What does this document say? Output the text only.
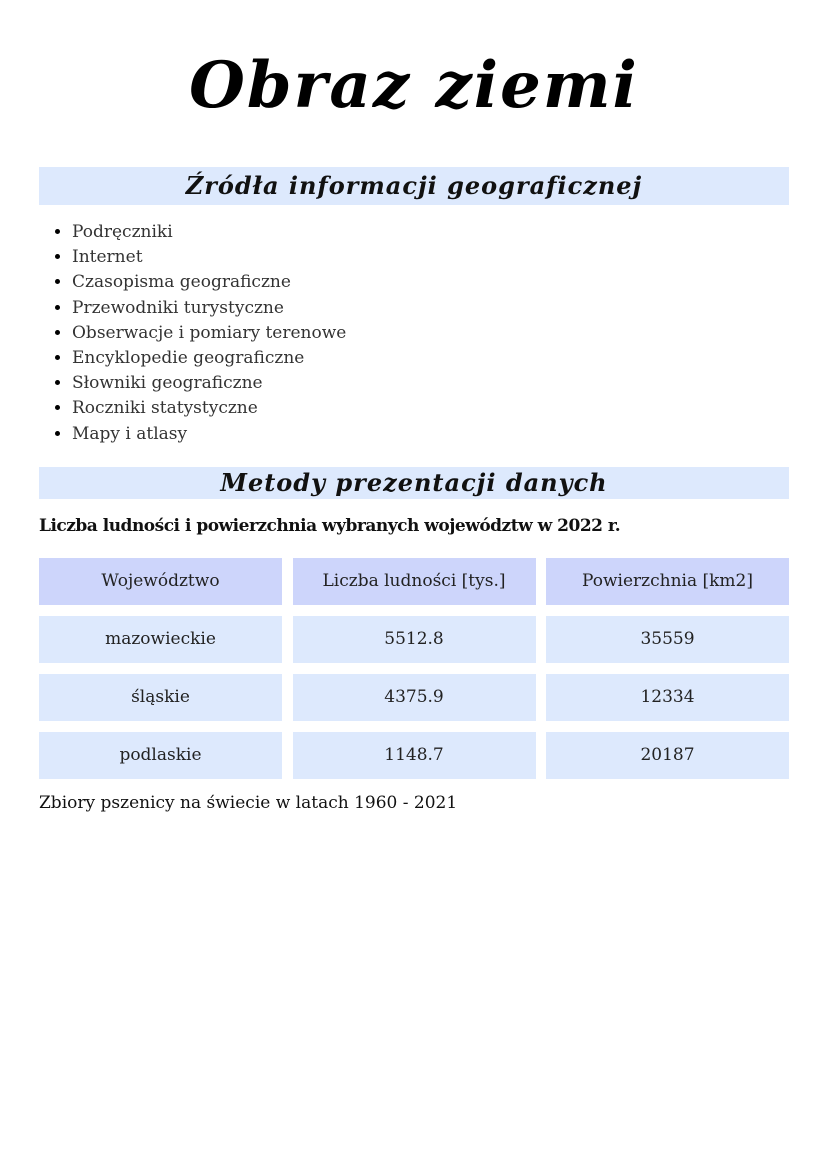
Obraz ziemi
Źródła informacji geograficznej
• Podręczniki
• Internet
• Czasopisma geograficzne
• Przewodniki turystyczne
• Obserwacje i pomiary terenowe
• Encyklopedie geograficzne
• Słowniki geograficzne
• Roczniki statystyczne
• Mapy i atlasy
Metody prezentacji danych
Liczba ludności i powierzchnia wybranych województw w 2022 r.
Województwo	Liczba ludności [tys.]	Powierzchnia [km2]
mazowieckie	5512.8	35559
śląskie	4375.9	12334
podlaskie	1148.7	20187
Zbiory pszenicy na świecie w latach 1960 - 2021
